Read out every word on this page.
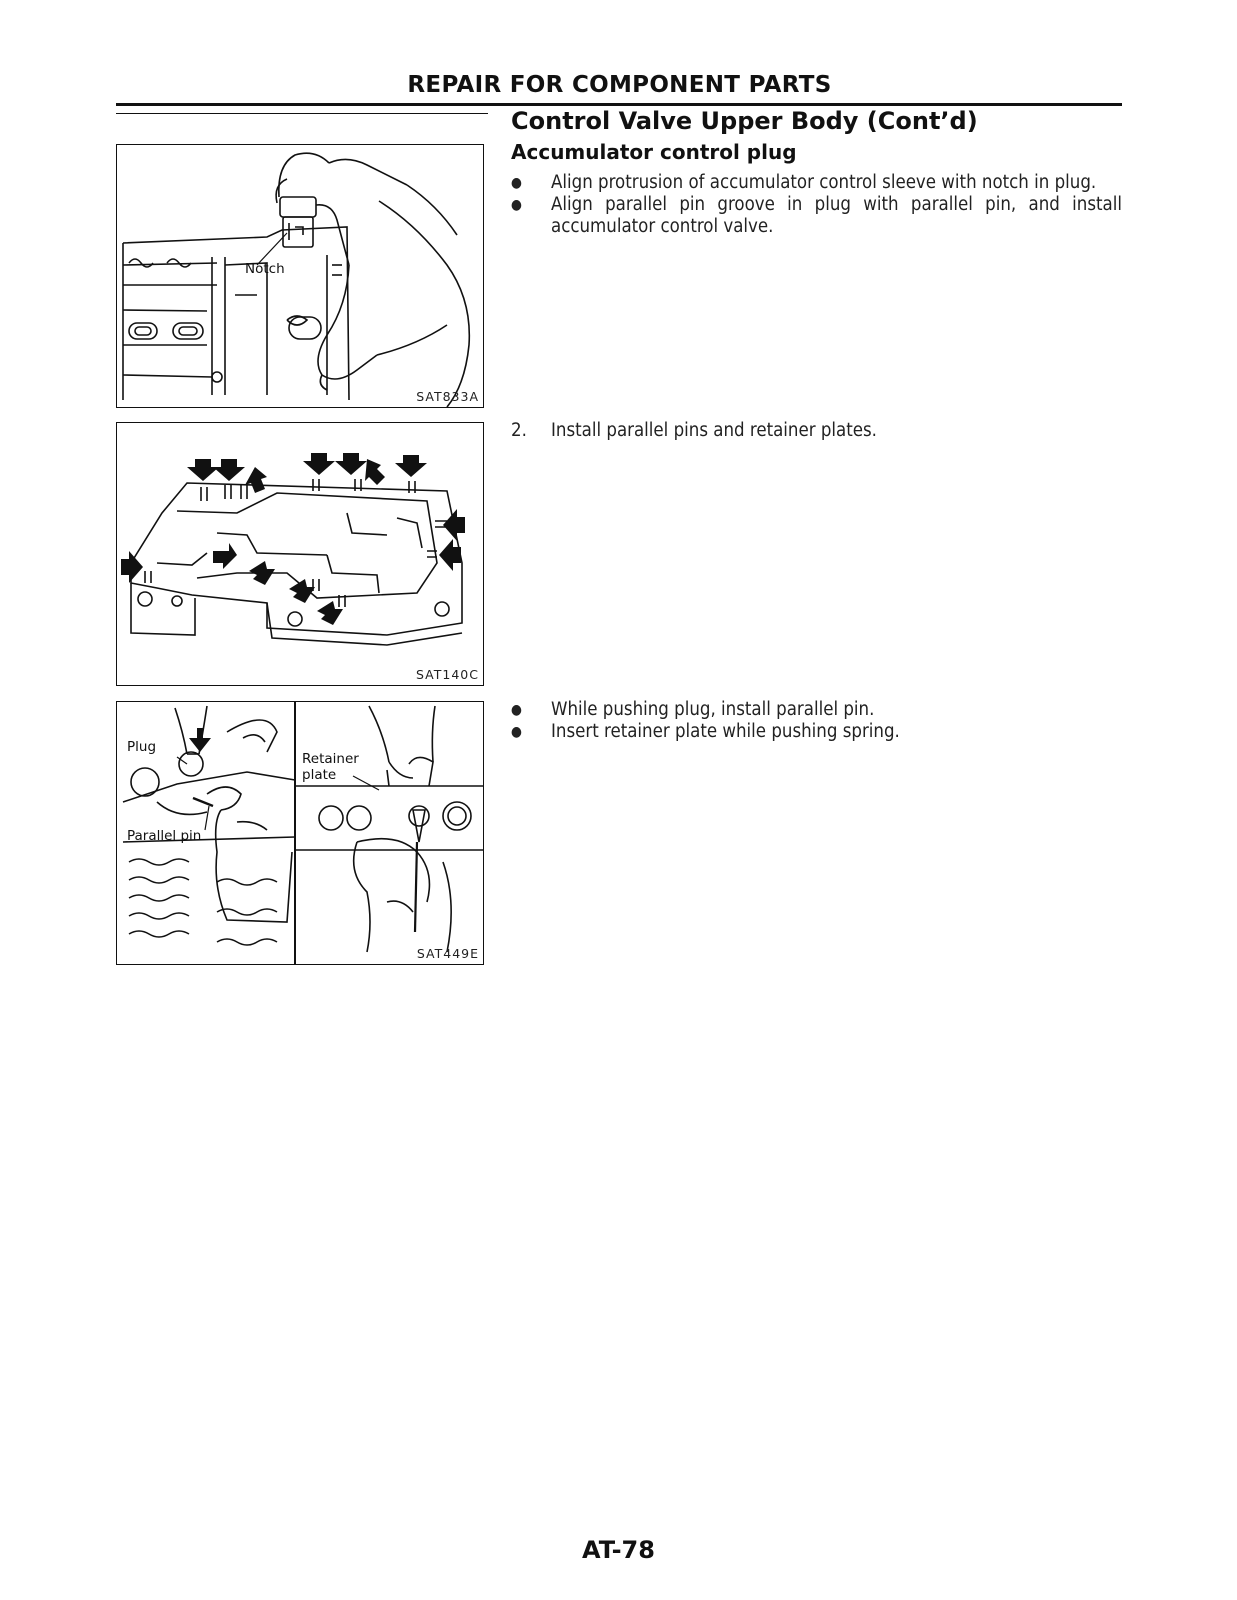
REPAIR FOR COMPONENT PARTS
Control Valve Upper Body (Cont’d)
Accumulator control plug
● Align protrusion of accumulator control sleeve with notch in plug.
● Align parallel pin groove in plug with parallel pin, and install accumulator control valve.
2. Install parallel pins and retainer plates.
● While pushing plug, install parallel pin.
● Insert retainer plate while pushing spring.
Notch
SAT833A
SAT140C
Plug
Parallel pin
Retainer
plate
SAT449E
AT-78
